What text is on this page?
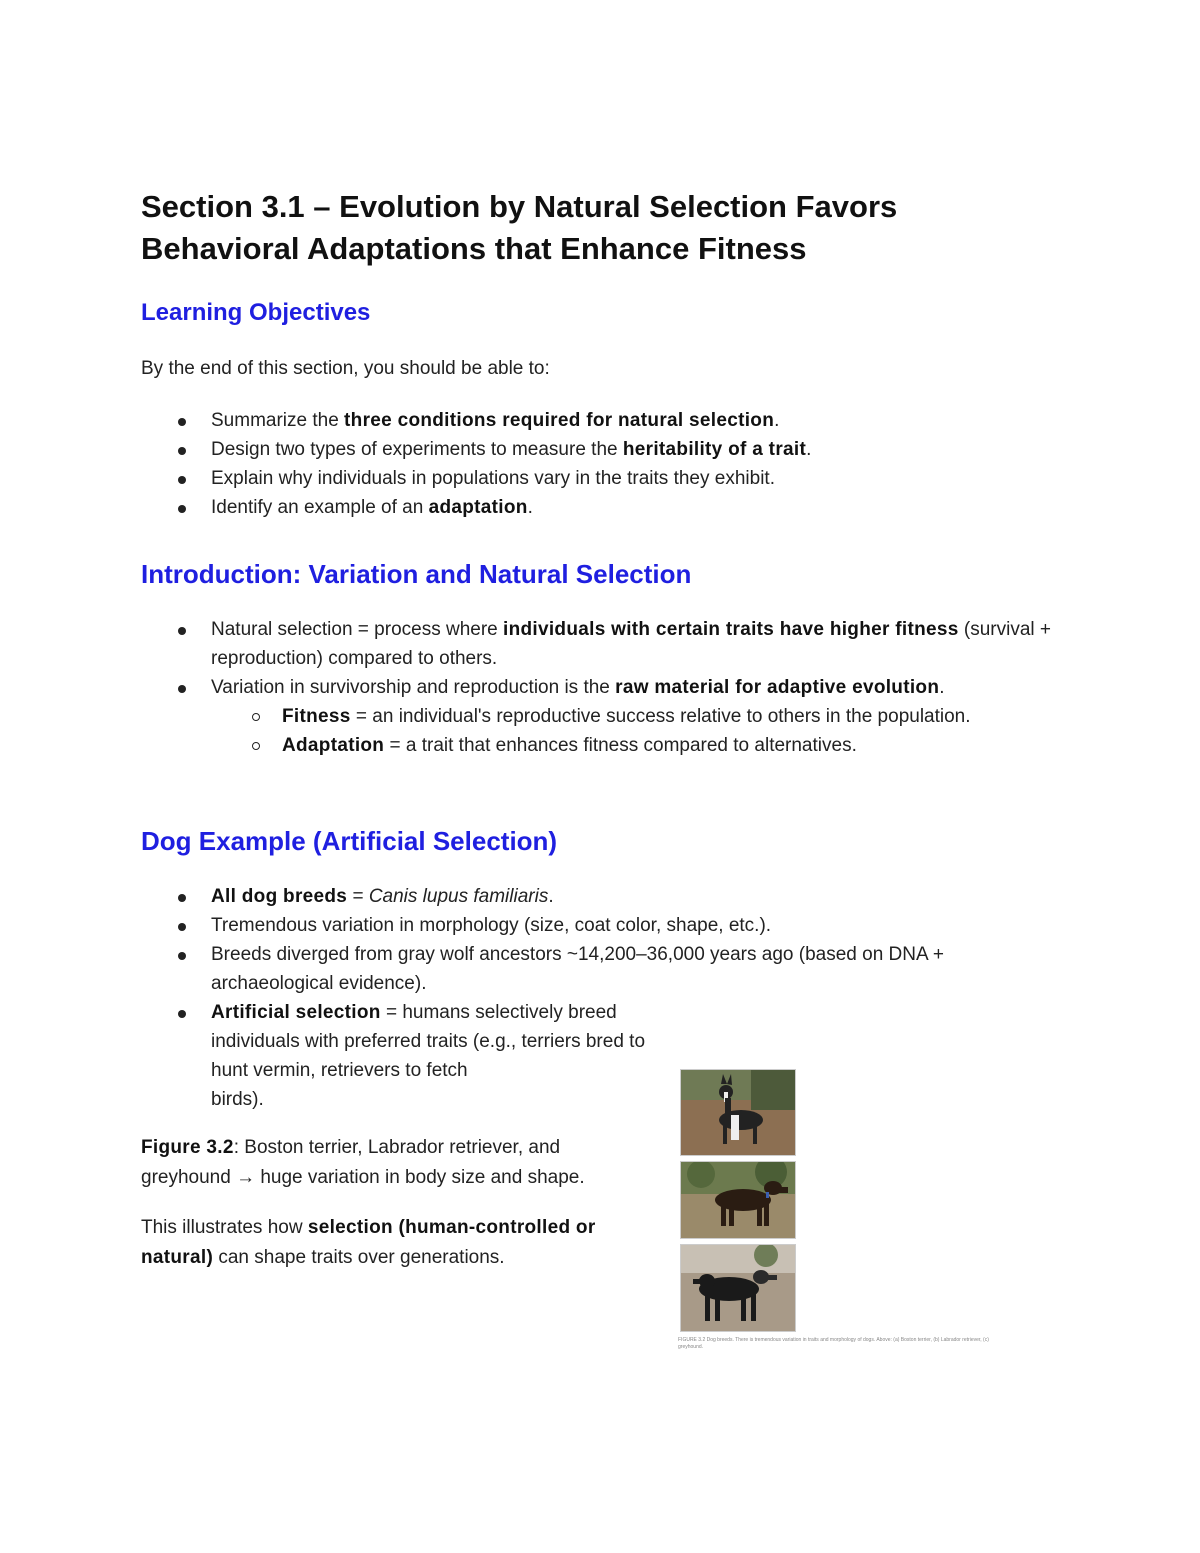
Section 3.1 – Evolution by Natural Selection Favors Behavioral Adaptations that Enhance Fitness
Learning Objectives

By the end of this section, you should be able to:

Summarize the three conditions required for natural selection.
Design two types of experiments to measure the heritability of a trait.
Explain why individuals in populations vary in the traits they exhibit.
Identify an example of an adaptation.
Introduction: Variation and Natural Selection
Natural selection = process where individuals with certain traits have higher fitness (survival + reproduction) compared to others.
Variation in survivorship and reproduction is the raw material for adaptive evolution.
Fitness = an individual's reproductive success relative to others in the population.
Adaptation = a trait that enhances fitness compared to alternatives.
Dog Example (Artificial Selection)
All dog breeds = Canis lupus familiaris.
Tremendous variation in morphology (size, coat color, shape, etc.).
Breeds diverged from gray wolf ancestors ~14,200–36,000 years ago (based on DNA + archaeological evidence).
Artificial selection = humans selectively breed individuals with preferred traits (e.g., terriers bred to hunt vermin, retrievers to fetch
birds).

Figure 3.2: Boston terrier, Labrador retriever, and greyhound → huge variation in body size and shape.

This illustrates how selection (human-controlled or natural) can shape traits over generations.

FIGURE 3.2 Dog breeds. There is tremendous variation in traits and morphology of dogs. Above: (a) Boston terrier, (b) Labrador retriever, (c) greyhound.
